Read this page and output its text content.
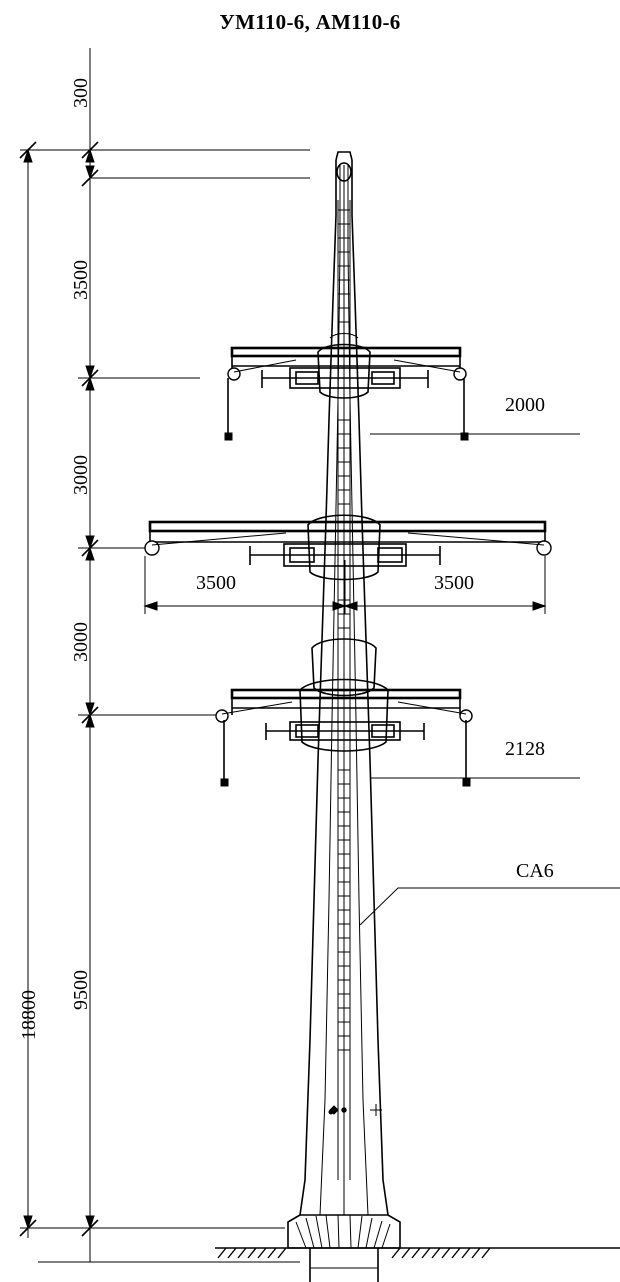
УМ110-6, АМ110-6
300
3500
3000
3000
9500
18800
2000
3500	3500
2128
CA6
